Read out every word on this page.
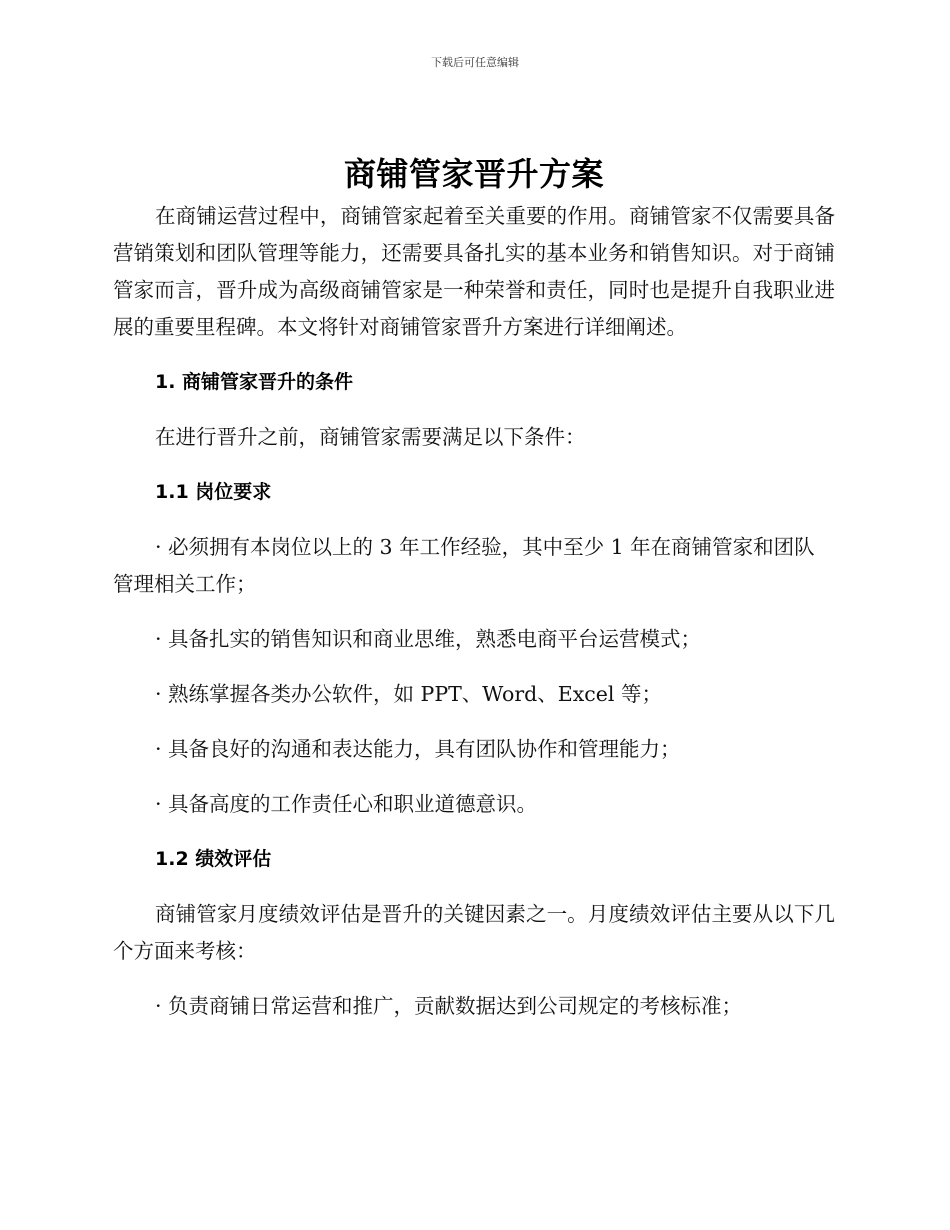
下载后可任意编辑
商铺管家晋升方案

在商铺运营过程中，商铺管家起着至关重要的作用。商铺管家不仅需要具备营销策划和团队管理等能力，还需要具备扎实的基本业务和销售知识。对于商铺管家而言，晋升成为高级商铺管家是一种荣誉和责任，同时也是提升自我职业进展的重要里程碑。本文将针对商铺管家晋升方案进行详细阐述。

1. 商铺管家晋升的条件

在进行晋升之前，商铺管家需要满足以下条件：

1.1 岗位要求

· 必须拥有本岗位以上的 3 年工作经验，其中至少 1 年在商铺管家和团队管理相关工作；

· 具备扎实的销售知识和商业思维，熟悉电商平台运营模式；

· 熟练掌握各类办公软件，如 PPT、Word、Excel 等；

· 具备良好的沟通和表达能力，具有团队协作和管理能力；

· 具备高度的工作责任心和职业道德意识。

1.2 绩效评估

商铺管家月度绩效评估是晋升的关键因素之一。月度绩效评估主要从以下几个方面来考核：

· 负责商铺日常运营和推广，贡献数据达到公司规定的考核标准；
